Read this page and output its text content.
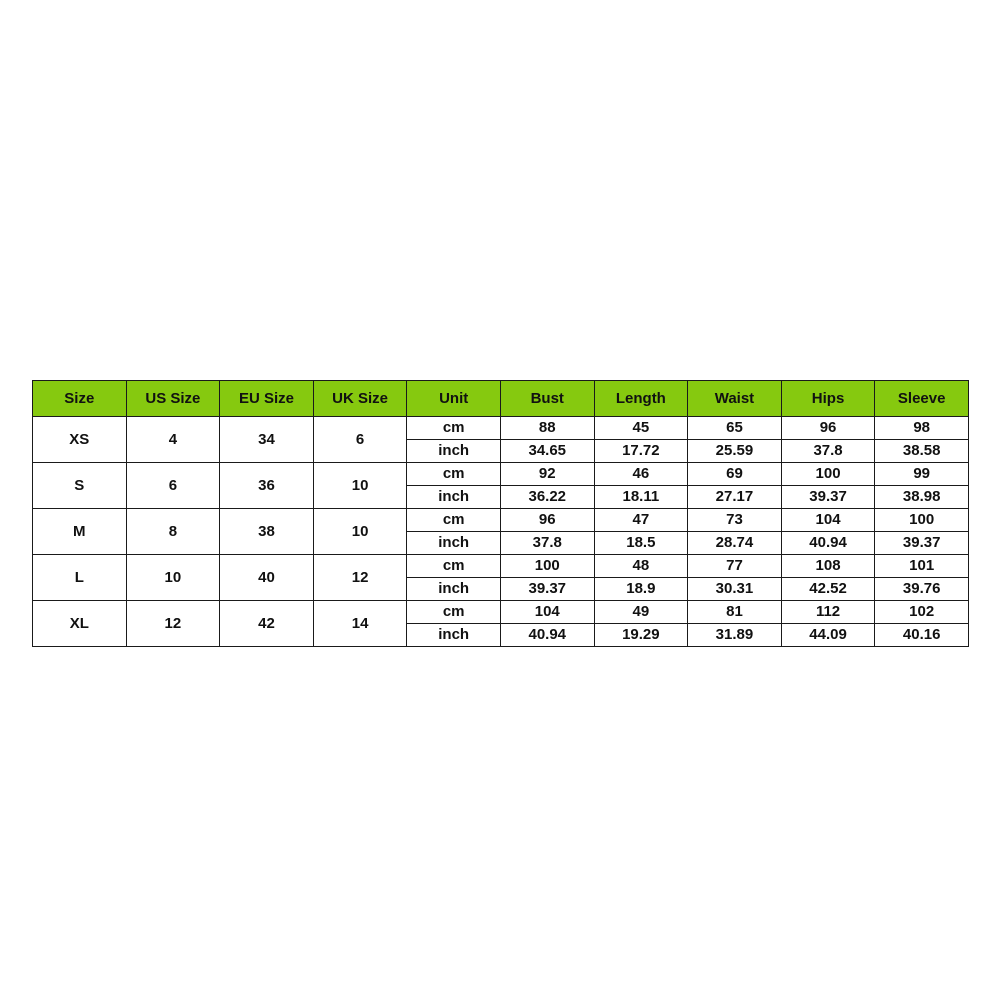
Size	US Size	EU Size	UK Size	Unit	Bust	Length	Waist	Hips	Sleeve
XS	4	34	6	cm	88	45	65	96	98
				inch	34.65	17.72	25.59	37.8	38.58
S	6	36	10	cm	92	46	69	100	99
				inch	36.22	18.11	27.17	39.37	38.98
M	8	38	10	cm	96	47	73	104	100
				inch	37.8	18.5	28.74	40.94	39.37
L	10	40	12	cm	100	48	77	108	101
				inch	39.37	18.9	30.31	42.52	39.76
XL	12	42	14	cm	104	49	81	112	102
				inch	40.94	19.29	31.89	44.09	40.16
